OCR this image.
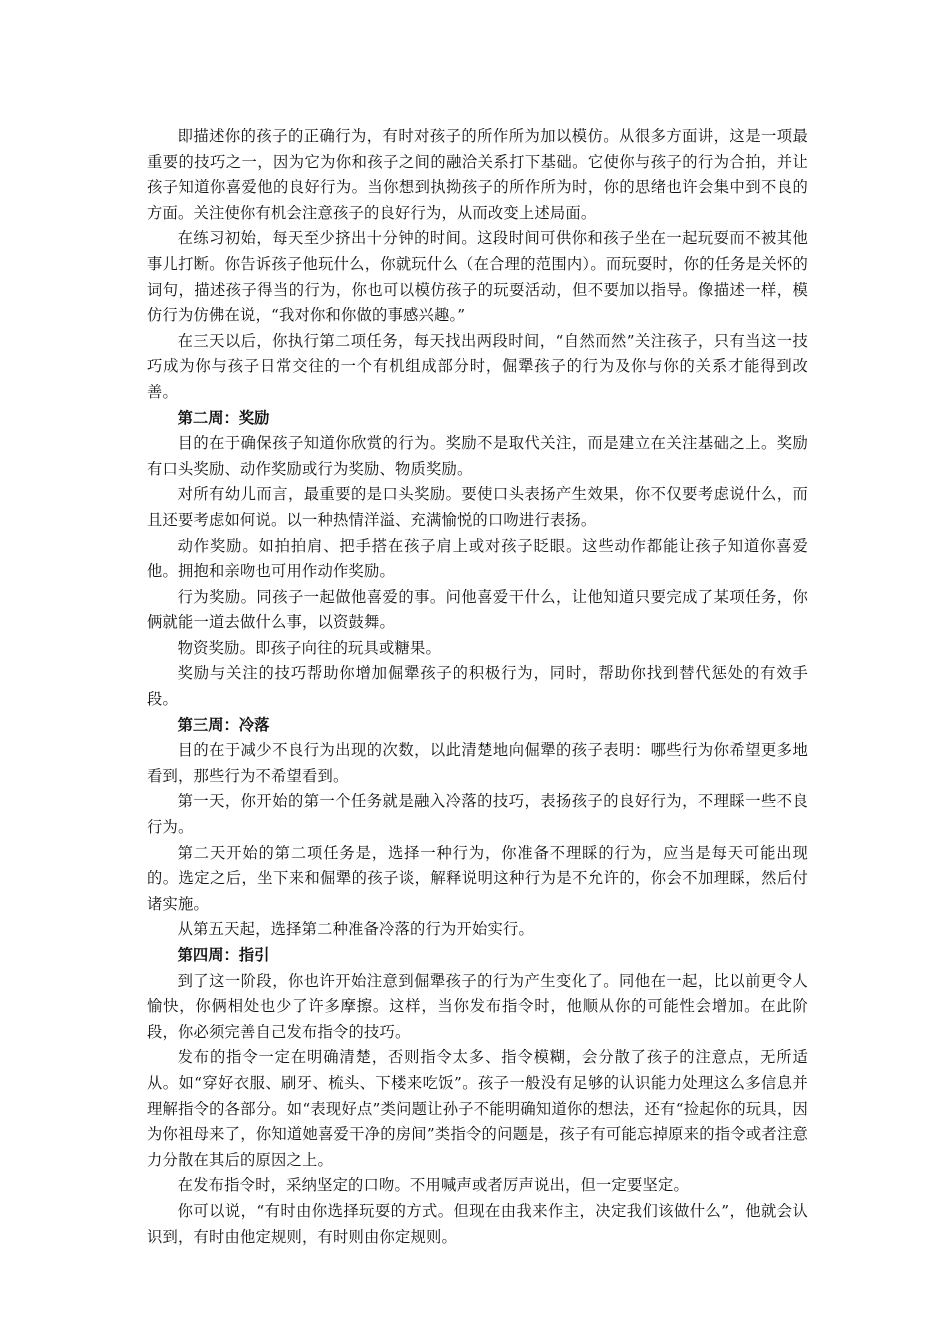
即描述你的孩子的正确行为，有时对孩子的所作所为加以模仿。从很多方面讲，这是一项最重要的技巧之一，因为它为你和孩子之间的融洽关系打下基础。它使你与孩子的行为合拍，并让孩子知道你喜爱他的良好行为。当你想到执拗孩子的所作所为时，你的思绪也许会集中到不良的方面。关注使你有机会注意孩子的良好行为，从而改变上述局面。

在练习初始，每天至少挤出十分钟的时间。这段时间可供你和孩子坐在一起玩耍而不被其他事儿打断。你告诉孩子他玩什么，你就玩什么（在合理的范围内）。而玩耍时，你的任务是关怀的词句，描述孩子得当的行为，你也可以模仿孩子的玩耍活动，但不要加以指导。像描述一样，模仿行为仿佛在说，“我对你和你做的事感兴趣。”

在三天以后，你执行第二项任务，每天找出两段时间，“自然而然”关注孩子，只有当这一技巧成为你与孩子日常交往的一个有机组成部分时，倔犟孩子的行为及你与你的关系才能得到改善。

第二周：奖励

目的在于确保孩子知道你欣赏的行为。奖励不是取代关注，而是建立在关注基础之上。奖励有口头奖励、动作奖励或行为奖励、物质奖励。

对所有幼儿而言，最重要的是口头奖励。要使口头表扬产生效果，你不仅要考虑说什么，而且还要考虑如何说。以一种热情洋溢、充满愉悦的口吻进行表扬。

动作奖励。如拍拍肩、把手搭在孩子肩上或对孩子眨眼。这些动作都能让孩子知道你喜爱他。拥抱和亲吻也可用作动作奖励。

行为奖励。同孩子一起做他喜爱的事。问他喜爱干什么，让他知道只要完成了某项任务，你俩就能一道去做什么事，以资鼓舞。

物资奖励。即孩子向往的玩具或糖果。

奖励与关注的技巧帮助你增加倔犟孩子的积极行为，同时，帮助你找到替代惩处的有效手段。

第三周：冷落

目的在于减少不良行为出现的次数，以此清楚地向倔犟的孩子表明：哪些行为你希望更多地看到，那些行为不希望看到。

第一天，你开始的第一个任务就是融入冷落的技巧，表扬孩子的良好行为，不理睬一些不良行为。

第二天开始的第二项任务是，选择一种行为，你准备不理睬的行为，应当是每天可能出现的。选定之后，坐下来和倔犟的孩子谈，解释说明这种行为是不允许的，你会不加理睬，然后付诸实施。

从第五天起，选择第二种准备冷落的行为开始实行。

第四周：指引

到了这一阶段，你也许开始注意到倔犟孩子的行为产生变化了。同他在一起，比以前更令人愉快，你俩相处也少了许多摩擦。这样，当你发布指令时，他顺从你的可能性会增加。在此阶段，你必须完善自己发布指令的技巧。

发布的指令一定在明确清楚，否则指令太多、指令模糊，会分散了孩子的注意点，无所适从。如“穿好衣服、刷牙、梳头、下楼来吃饭”。孩子一般没有足够的认识能力处理这么多信息并理解指令的各部分。如“表现好点”类问题让孙子不能明确知道你的想法，还有“捡起你的玩具，因为你祖母来了，你知道她喜爱干净的房间”类指令的问题是，孩子有可能忘掉原来的指令或者注意力分散在其后的原因之上。

在发布指令时，采纳坚定的口吻。不用喊声或者厉声说出，但一定要坚定。

你可以说，“有时由你选择玩耍的方式。但现在由我来作主，决定我们该做什么”，他就会认识到，有时由他定规则，有时则由你定规则。
